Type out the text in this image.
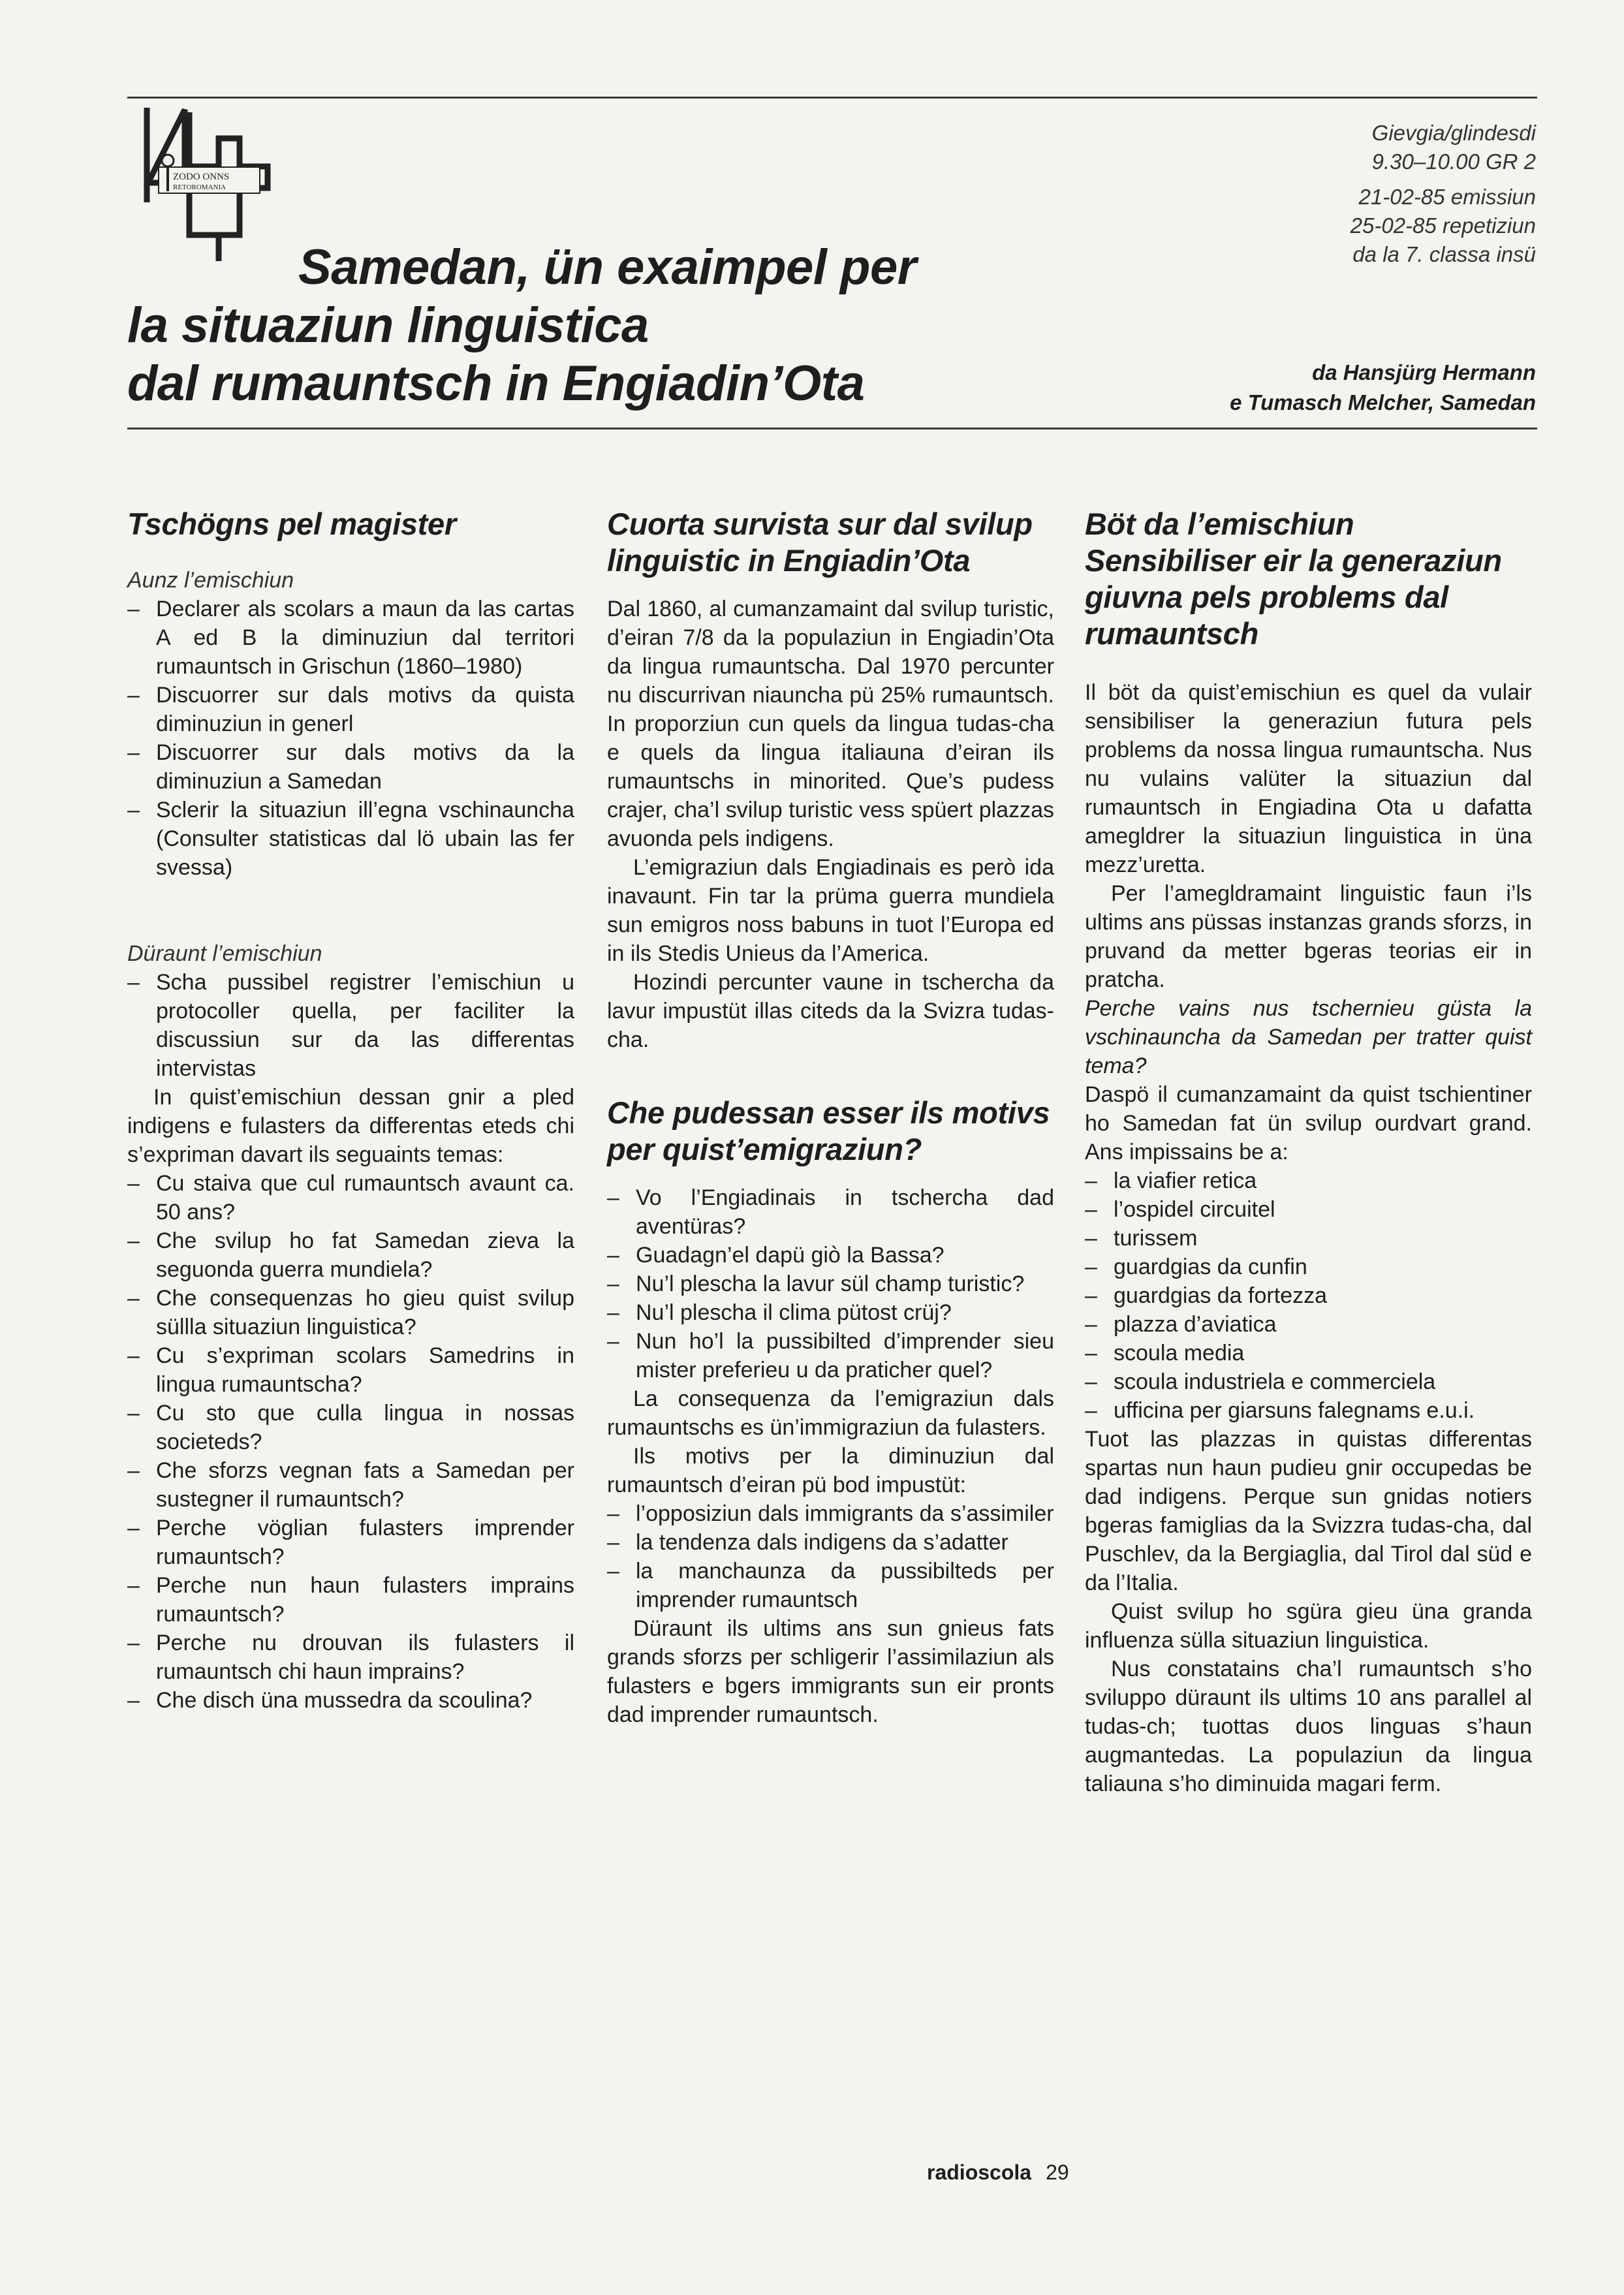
ZODO ONNS
RETOROMANIA
Samedan, ün exaimpel per
la situaziun linguistica
dal rumauntsch in Engiadin’Ota
Gievgia/glindesdi
9.30–10.00 GR 2
21-02-85 emissiun
25-02-85 repetiziun
da la 7. classa insü
da Hansjürg Hermann
e Tumasch Melcher, Samedan
Tschögns pel magister
Aunz l’emischiun
– Declarer als scolars a maun da las cartas A ed B la diminuziun dal territori rumauntsch in Grischun (1860–1980)
– Discuorrer sur dals motivs da quista diminuziun in generl
– Discuorrer sur dals motivs da la diminuziun a Samedan
– Sclerir la situaziun ill’egna vschinauncha (Consulter statisticas dal lö ubain las fer svessa)
Düraunt l’emischiun
– Scha pussibel registrer l’emischiun u protocoller quella, per faciliter la discussiun sur da las differentas intervistas

In quist’emischiun dessan gnir a pled indigens e fulasters da differentas eteds chi s’expriman davart ils seguaints temas:

– Cu staiva que cul rumauntsch avaunt ca. 50 ans?
– Che svilup ho fat Samedan zieva la seguonda guerra mundiela?
– Che consequenzas ho gieu quist svilup süllla situaziun linguistica?
– Cu s’expriman scolars Samedrins in lingua rumauntscha?
– Cu sto que culla lingua in nossas societeds?
– Che sforzs vegnan fats a Samedan per sustegner il rumauntsch?
– Perche vöglian fulasters imprender rumauntsch?
– Perche nun haun fulasters imprains rumauntsch?
– Perche nu drouvan ils fulasters il rumauntsch chi haun imprains?
– Che disch üna mussedra da scoulina?
Cuorta survista sur dal svilup linguistic in Engiadin’Ota

Dal 1860, al cumanzamaint dal svilup turistic, d’eiran 7/8 da la populaziun in Engiadin’Ota da lingua rumauntscha. Dal 1970 percunter nu discurrivan niauncha pü 25% rumauntsch. In proporziun cun quels da lingua tudas-cha e quels da lingua italiauna d’eiran ils rumauntschs in minorited. Que’s pudess crajer, cha’l svilup turistic vess spüert plazzas avuonda pels indigens.

L’emigraziun dals Engiadinais es però ida inavaunt. Fin tar la prüma guerra mundiela sun emigros noss babuns in tuot l’Europa ed in ils Stedis Unieus da l’America.

Hozindi percunter vaune in tschercha da lavur impustüt illas citeds da la Svizra tudas-cha.

Che pudessan esser ils motivs per quist’emigraziun?
– Vo l’Engiadinais in tschercha dad aventüras?
– Guadagn’el dapü giò la Bassa?
– Nu’l plescha la lavur sül champ turistic?
– Nu’l plescha il clima pütost crüj?
– Nun ho’l la pussibilted d’imprender sieu mister preferieu u da praticher quel?

La consequenza da l’emigraziun dals rumauntschs es ün’immigraziun da fulasters.

Ils motivs per la diminuziun dal rumauntsch d’eiran pü bod impustüt:

– l’opposiziun dals immigrants da s’assimiler
– la tendenza dals indigens da s’adatter
– la manchaunza da pussibilteds per imprender rumauntsch

Düraunt ils ultims ans sun gnieus fats grands sforzs per schligerir l’assimilaziun als fulasters e bgers immigrants sun eir pronts dad imprender rumauntsch.

Böt da l’emischiun Sensibiliser eir la generaziun giuvna pels problems dal rumauntsch

Il böt da quist’emischiun es quel da vulair sensibiliser la generaziun futura pels problems da nossa lingua rumauntscha. Nus nu vulains valüter la situaziun dal rumauntsch in Engiadina Ota u dafatta amegldrer la situaziun linguistica in üna mezz’uretta.

Per l’amegldramaint linguistic faun i’ls ultims ans püssas instanzas grands sforzs, in pruvand da metter bgeras teorias eir in pratcha.

Perche vains nus tschernieu güsta la vschinauncha da Samedan per tratter quist tema?

Daspö il cumanzamaint da quist tschientiner ho Samedan fat ün svilup ourdvart grand. Ans impissains be a:

– la viafier retica
– l’ospidel circuitel
– turissem
– guardgias da cunfin
– guardgias da fortezza
– plazza d’aviatica
– scoula media
– scoula industriela e commerciela
– ufficina per giarsuns falegnams e.u.i.

Tuot las plazzas in quistas differentas spartas nun haun pudieu gnir occupedas be dad indigens. Perque sun gnidas notiers bgeras famiglias da la Svizzra tudas-cha, dal Puschlev, da la Bergiaglia, dal Tirol dal süd e da l’Italia.

Quist svilup ho sgüra gieu üna granda influenza sülla situaziun linguistica.

Nus constatains cha’l rumauntsch s’ho sviluppo düraunt ils ultims 10 ans parallel al tudas-ch; tuottas duos linguas s’haun augmantedas. La populaziun da lingua taliauna s’ho diminuida magari ferm.

radioscola 29
